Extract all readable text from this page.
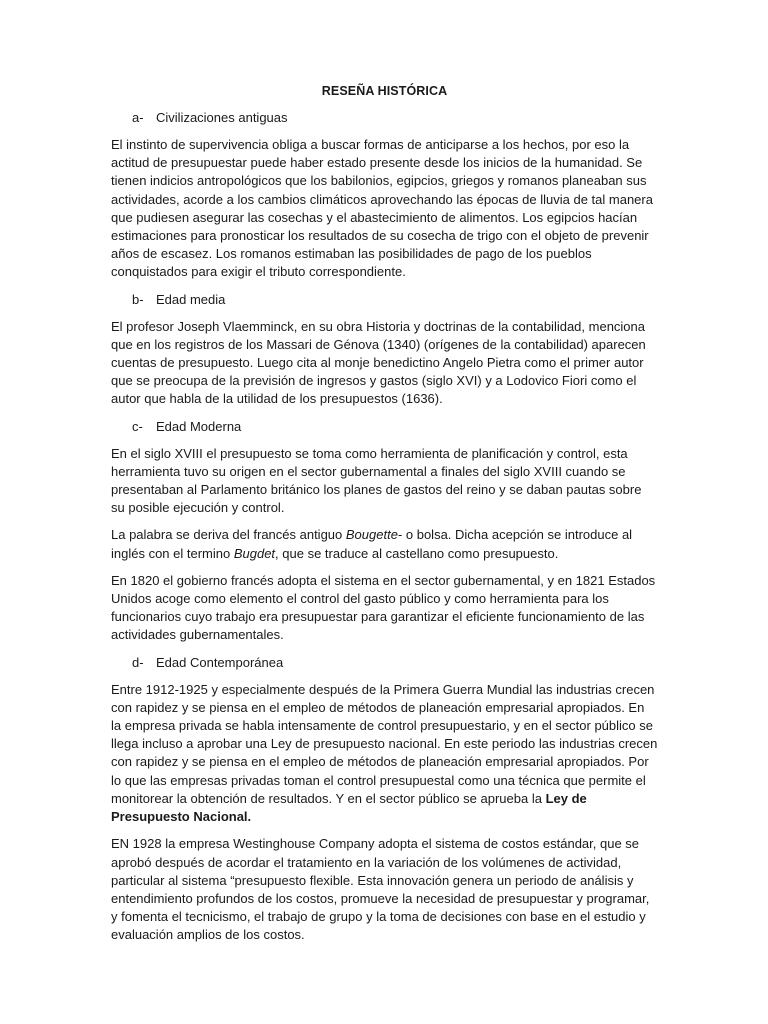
RESEÑA HISTÓRICA
a- Civilizaciones antiguas

El instinto de supervivencia obliga a buscar formas de anticiparse a los hechos, por eso la actitud de presupuestar puede haber estado presente desde los inicios de la humanidad. Se tienen indicios antropológicos que los babilonios, egipcios, griegos y romanos planeaban sus actividades, acorde a los cambios climáticos aprovechando las épocas de lluvia de tal manera que pudiesen asegurar las cosechas y el abastecimiento de alimentos. Los egipcios hacían estimaciones para pronosticar los resultados de su cosecha de trigo con el objeto de prevenir años de escasez. Los romanos estimaban las posibilidades de pago de los pueblos conquistados para exigir el tributo correspondiente.

b- Edad media

El profesor Joseph Vlaemminck, en su obra Historia y doctrinas de la contabilidad, menciona que en los registros de los Massari de Génova (1340) (orígenes de la contabilidad) aparecen cuentas de presupuesto. Luego cita al monje benedictino Angelo Pietra como el primer autor que se preocupa de la previsión de ingresos y gastos (siglo XVI) y a Lodovico Fiori como el autor que habla de la utilidad de los presupuestos (1636).

c-	Edad Moderna

En el siglo XVIII el presupuesto se toma como herramienta de planificación y control, esta herramienta tuvo su origen en el sector gubernamental a finales del siglo XVIII cuando se presentaban al Parlamento británico los planes de gastos del reino y se daban pautas sobre su posible ejecución y control.

La palabra se deriva del francés antiguo Bougette- o bolsa. Dicha acepción se introduce al inglés con el termino Bugdet, que se traduce al castellano como presupuesto.

En 1820 el gobierno francés adopta el sistema en el sector gubernamental, y en 1821 Estados Unidos acoge como elemento el control del gasto público y como herramienta para los funcionarios cuyo trabajo era presupuestar para garantizar el eficiente funcionamiento de las actividades gubernamentales.

d- Edad Contemporánea

Entre 1912-1925 y especialmente después de la Primera Guerra Mundial las industrias crecen con rapidez y se piensa en el empleo de métodos de planeación empresarial apropiados. En la empresa privada se habla intensamente de control presupuestario, y en el sector público se llega incluso a aprobar una Ley de presupuesto nacional. En este periodo las industrias crecen con rapidez y se piensa en el empleo de métodos de planeación empresarial apropiados. Por lo que las empresas privadas toman el control presupuestal como una técnica que permite el monitorear la obtención de resultados. Y en el sector público se aprueba la Ley de Presupuesto Nacional.

EN 1928 la empresa Westinghouse Company adopta el sistema de costos estándar, que se aprobó después de acordar el tratamiento en la variación de los volúmenes de actividad, particular al sistema “presupuesto flexible. Esta innovación genera un periodo de análisis y entendimiento profundos de los costos, promueve la necesidad de presupuestar y programar, y fomenta el tecnicismo, el trabajo de grupo y la toma de decisiones con base en el estudio y evaluación amplios de los costos.
